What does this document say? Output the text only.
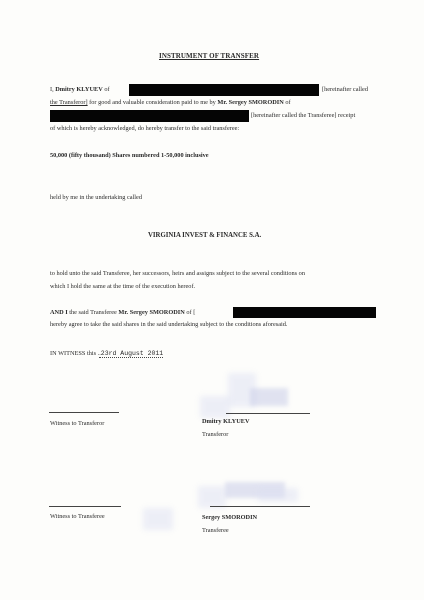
INSTRUMENT OF TRANSFER
I, Dmitry KLYUEV of	[hereinafter called
the Transferor] for good and valuable consideration paid to me by Mr. Sergey SMORODIN of
[hereinafter called the Transferee] receipt
of which is hereby acknowledged, do hereby transfer to the said transferee:
50,000 (fifty thousand) Shares numbered 1-50,000 inclusive
held by me in the undertaking called
VIRGINIA INVEST & FINANCE S.A.
to hold unto the said Transferee, her successors, heirs and assigns subject to the several conditions on
which I hold the same at the time of the execution hereof.
AND I the said Transferee Mr. Sergey SMORODIN of [
hereby agree to take the said shares in the said undertaking subject to the conditions aforesaid.
IN WITNESS this ..23rd August 2011
Witness to Transferor	Dmitry KLYUEV
Transferor
Witness to Transferee	Sergey SMORODIN
Transferee
